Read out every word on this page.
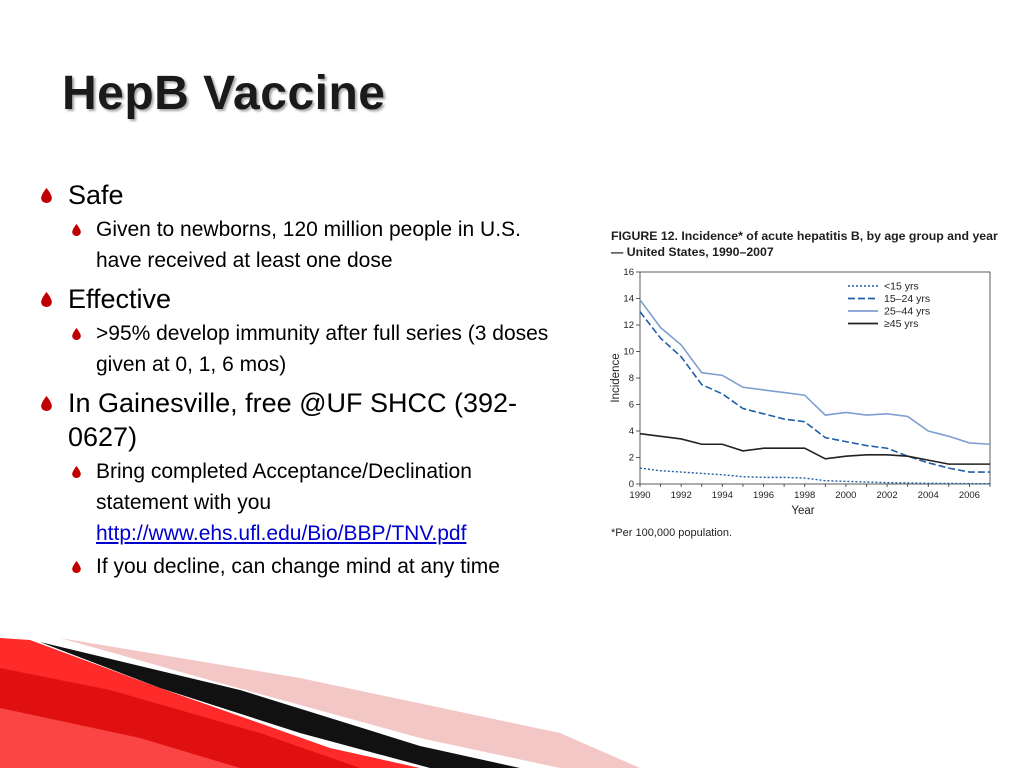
HepB Vaccine
Safe
Given to newborns, 120 million people in U.S. have received at least one dose
Effective
>95% develop immunity after full series (3 doses given at 0, 1, 6 mos)
In Gainesville, free @UF SHCC (392-0627)
Bring completed Acceptance/Declination statement with you
http://www.ehs.ufl.edu/Bio/BBP/TNV.pdf
If you decline, can change mind at any time

FIGURE 12. Incidence* of acute hepatitis B, by age group and year — United States, 1990–2007

0
2
4
6
8
10
12
14
16
1990 1992 1994 1996 1998 2000 2002 2004 2006
Year
Incidence
<15 yrs
15–24 yrs
25–44 yrs
≥45 yrs

*Per 100,000 population.
